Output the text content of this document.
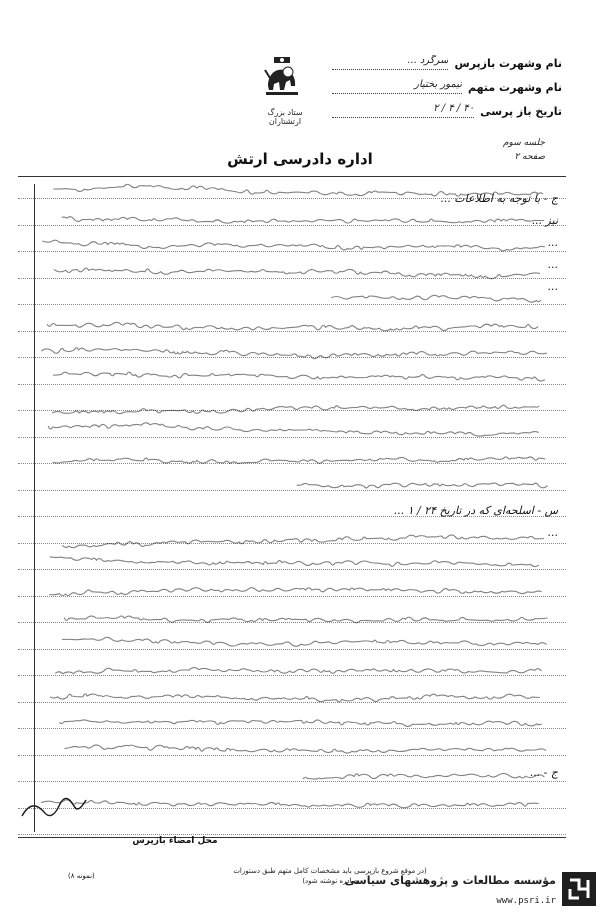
ستاد بزرگ ارتشتاران
نام وشهرت بازپرس
سرگرد ...
نام وشهرت متهم
تیمور بختیار
تاریخ باز پرسی
۴۰ / ۴ / ۲
جلسه سوم
صفحه ۲
اداره دادرسی ارتش

ج - با توجه به اطلاعات ...

نیز ...

...

...

...

س - اسلحه‌ای که در تاریخ ۲۴ / ۱ ...

...

ج - ...

محل امضاء بازپرس
(در موقع شروع بازپرسی باید مشخصات کامل متهم طبق دستورات صادره نوشته شود)
(نمونه ۸)	مؤسسه مطالعات و پژوهشهای سیاسی
www.psri.ir
